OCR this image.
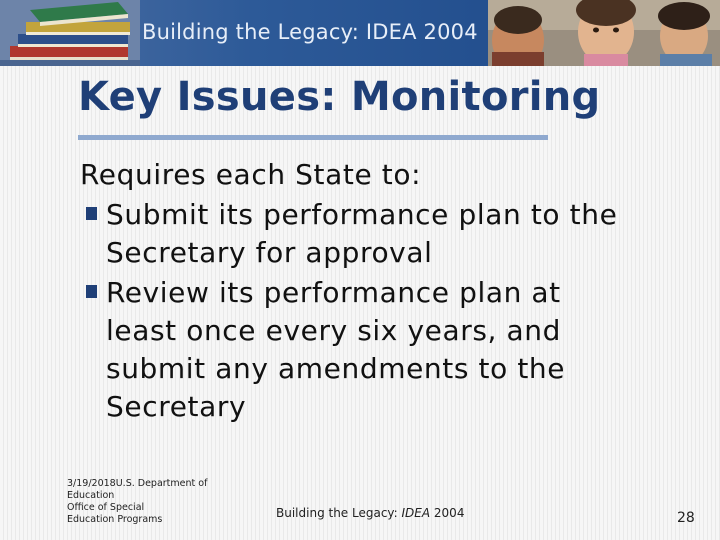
Building the Legacy: IDEA 2004
Key Issues: Monitoring
Requires each State to:
Submit its performance plan to the Secretary for approval
Review its performance plan at least once every six years, and submit any amendments to the Secretary
3/19/2018U.S. Department of
Education
Office of Special
Education Programs	Building the Legacy: IDEA 2004	28
